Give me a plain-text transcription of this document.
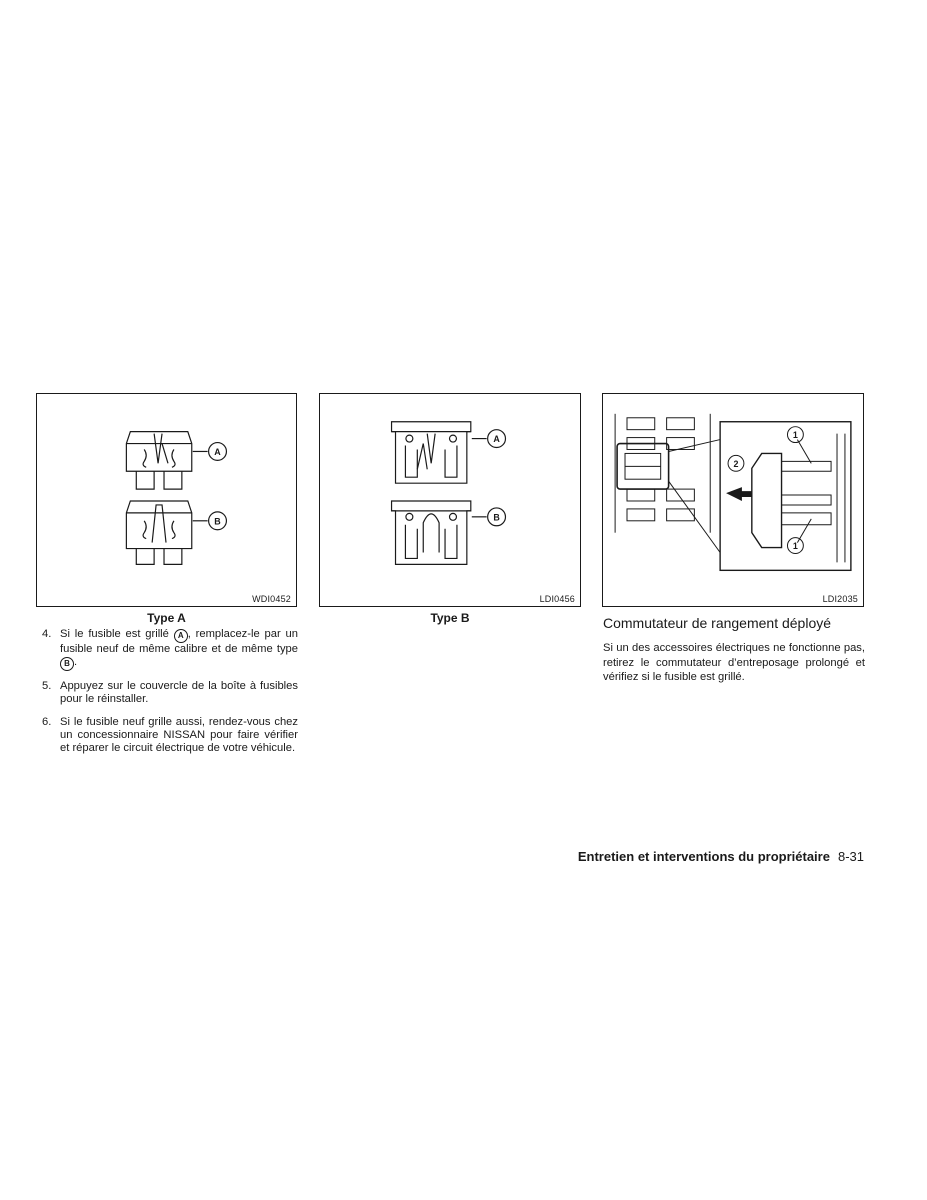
A
B
WDI0452
A
B
LDI0456
1
2
1
LDI2035
Type A	Type B
4. Si le fusible est grillé A , remplacez-le par un fusible neuf de même calibre et de même type B .
5. Appuyez sur le couvercle de la boîte à fusibles pour le réinstaller.
6. Si le fusible neuf grille aussi, rendez-vous chez un concessionnaire NISSAN pour faire vérifier et réparer le circuit électrique de votre véhicule.
Commutateur de rangement déployé

Si un des accessoires électriques ne fonctionne pas, retirez le commutateur d’entreposage prolongé et vérifiez si le fusible est grillé.

Entretien et interventions du propriétaire 8-31
